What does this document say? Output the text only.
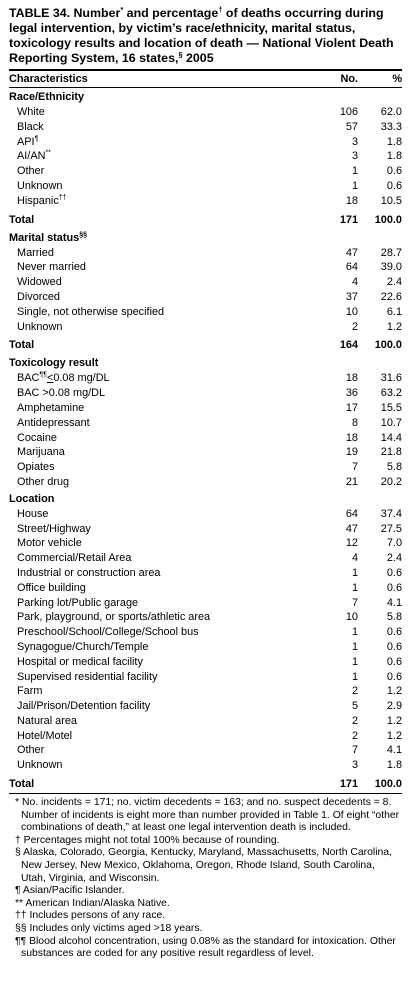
TABLE 34. Number* and percentage† of deaths occurring during legal intervention, by victim’s race/ethnicity, marital status, toxicology results and location of death — National Violent Death Reporting System, 16 states,§ 2005
Characteristics	No.	%
Race/Ethnicity		
White	106	62.0
Black	57	33.3
API¶	3	1.8
AI/AN**	3	1.8
Other	1	0.6
Unknown	1	0.6
Hispanic††	18	10.5
Total	171	100.0
Marital status§§
Married	47	28.7
Never married	64	39.0
Widowed	4	2.4
Divorced	37	22.6
Single, not otherwise specified	10	6.1
Unknown	2	1.2
Total	164	100.0
Toxicology result		
BAC¶¶<0.08 mg/DL	18	31.6
BAC >0.08 mg/DL	36	63.2
Amphetamine	17	15.5
Antidepressant	8	10.7
Cocaine	18	14.4
Marijuana	19	21.8
Opiates	7	5.8
Other drug	21	20.2
Location		
House	64	37.4
Street/Highway	47	27.5
Motor vehicle	12	7.0
Commercial/Retail Area	4	2.4
Industrial or construction area	1	0.6
Office building	1	0.6
Parking lot/Public garage	7	4.1
Park, playground, or sports/athletic area	10	5.8
Preschool/School/College/School bus	1	0.6
Synagogue/Church/Temple	1	0.6
Hospital or medical facility	1	0.6
Supervised residential facility	1	0.6
Farm	2	1.2
Jail/Prison/Detention facility	5	2.9
Natural area	2	1.2
Hotel/Motel	2	1.2
Other	7	4.1
Unknown	3	1.8
Total	171	100.0
* No. incidents = 171; no. victim decedents = 163; and no. suspect decedents = 8. Number of incidents is eight more than number provided in Table 1. Of eight “other combinations of death,” at least one legal intervention death is included.
† Percentages might not total 100% because of rounding.
§ Alaska, Colorado, Georgia, Kentucky, Maryland, Massachusetts, North Carolina, New Jersey, New Mexico, Oklahoma, Oregon, Rhode Island, South Carolina, Utah, Virginia, and Wisconsin.
¶ Asian/Pacific Islander.
** American Indian/Alaska Native.
†† Includes persons of any race.
§§ Includes only victims aged >18 years.
¶¶ Blood alcohol concentration, using 0.08% as the standard for intoxication. Other substances are coded for any positive result regardless of level.
